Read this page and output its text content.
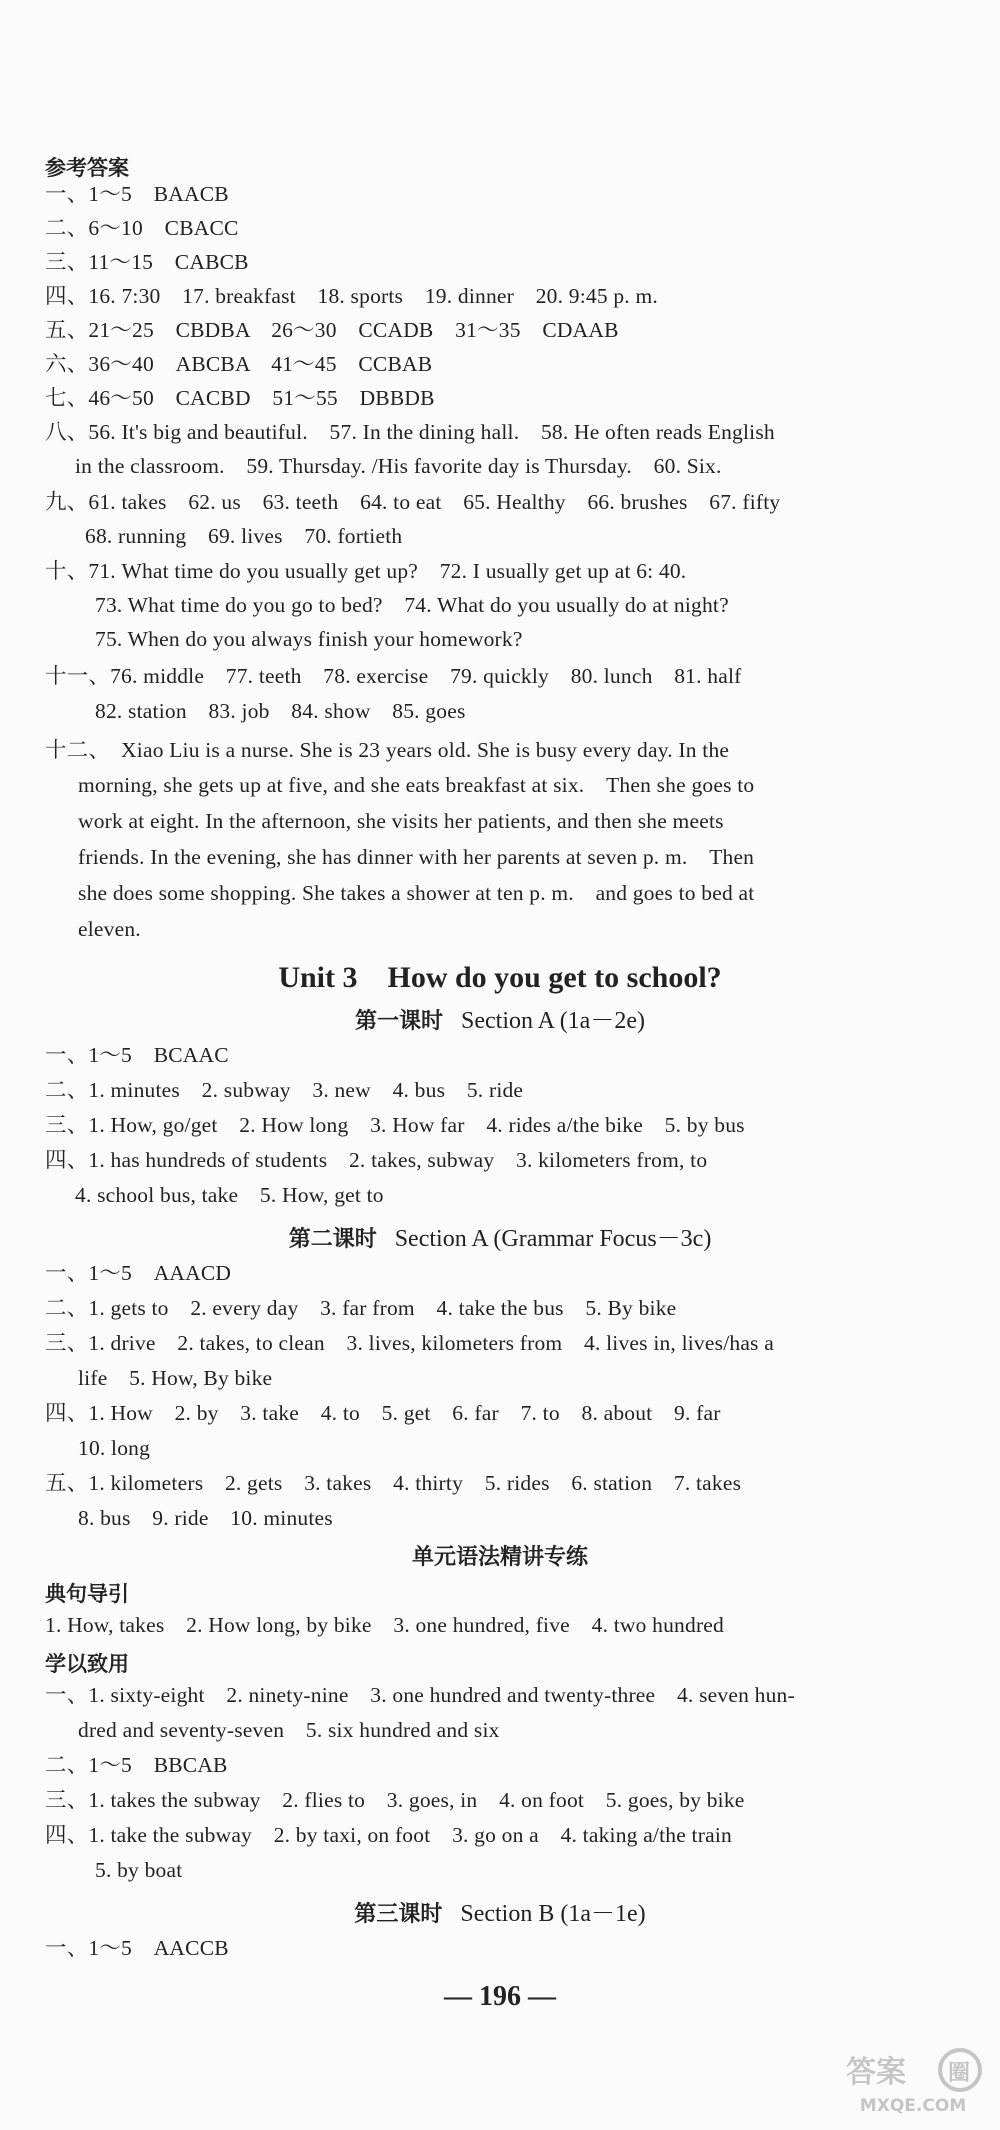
参考答案
一、1～5　BAACB
二、6～10　CBACC
三、11～15　CABCB
四、16. 7:30　17. breakfast　18. sports　19. dinner　20. 9:45 p. m.
五、21～25　CBDBA　26～30　CCADB　31～35　CDAAB
六、36～40　ABCBA　41～45　CCBAB
七、46～50　CACBD　51～55　DBBDB
八、56. It's big and beautiful.　57. In the dining hall.　58. He often reads English
in the classroom.　59. Thursday. /His favorite day is Thursday.　60. Six.
九、61. takes　62. us　63. teeth　64. to eat　65. Healthy　66. brushes　67. fifty
68. running　69. lives　70. fortieth
十、71. What time do you usually get up?　72. I usually get up at 6: 40.
73. What time do you go to bed?　74. What do you usually do at night?
75. When do you always finish your homework?
十一、76. middle　77. teeth　78. exercise　79. quickly　80. lunch　81. half
82. station　83. job　84. show　85. goes
十二、　Xiao Liu is a nurse. She is 23 years old. She is busy every day. In the
morning, she gets up at five, and she eats breakfast at six.　Then she goes to
work at eight. In the afternoon, she visits her patients, and then she meets
friends. In the evening, she has dinner with her parents at seven p. m.　Then
she does some shopping. She takes a shower at ten p. m.　and goes to bed at
eleven.
Unit 3　How do you get to school?
第一课时 Section A (1a－2e)
一、1～5　BCAAC
二、1. minutes　2. subway　3. new　4. bus　5. ride
三、1. How, go/get　2. How long　3. How far　4. rides a/the bike　5. by bus
四、1. has hundreds of students　2. takes, subway　3. kilometers from, to
4. school bus, take　5. How, get to
第二课时 Section A (Grammar Focus－3c)
一、1～5　AAACD
二、1. gets to　2. every day　3. far from　4. take the bus　5. By bike
三、1. drive　2. takes, to clean　3. lives, kilometers from　4. lives in, lives/has a
life　5. How, By bike
四、1. How　2. by　3. take　4. to　5. get　6. far　7. to　8. about　9. far
10. long
五、1. kilometers　2. gets　3. takes　4. thirty　5. rides　6. station　7. takes
8. bus　9. ride　10. minutes
单元语法精讲专练
典句导引
1. How, takes　2. How long, by bike　3. one hundred, five　4. two hundred
学以致用
一、1. sixty-eight　2. ninety-nine　3. one hundred and twenty-three　4. seven hun-
dred and seventy-seven　5. six hundred and six
二、1～5　BBCAB
三、1. takes the subway　2. flies to　3. goes, in　4. on foot　5. goes, by bike
四、1. take the subway　2. by taxi, on foot　3. go on a　4. taking a/the train
5. by boat
第三课时 Section B (1a－1e)
一、1～5　AACCB
— 196 —
答案 圈
MXQE.COM
